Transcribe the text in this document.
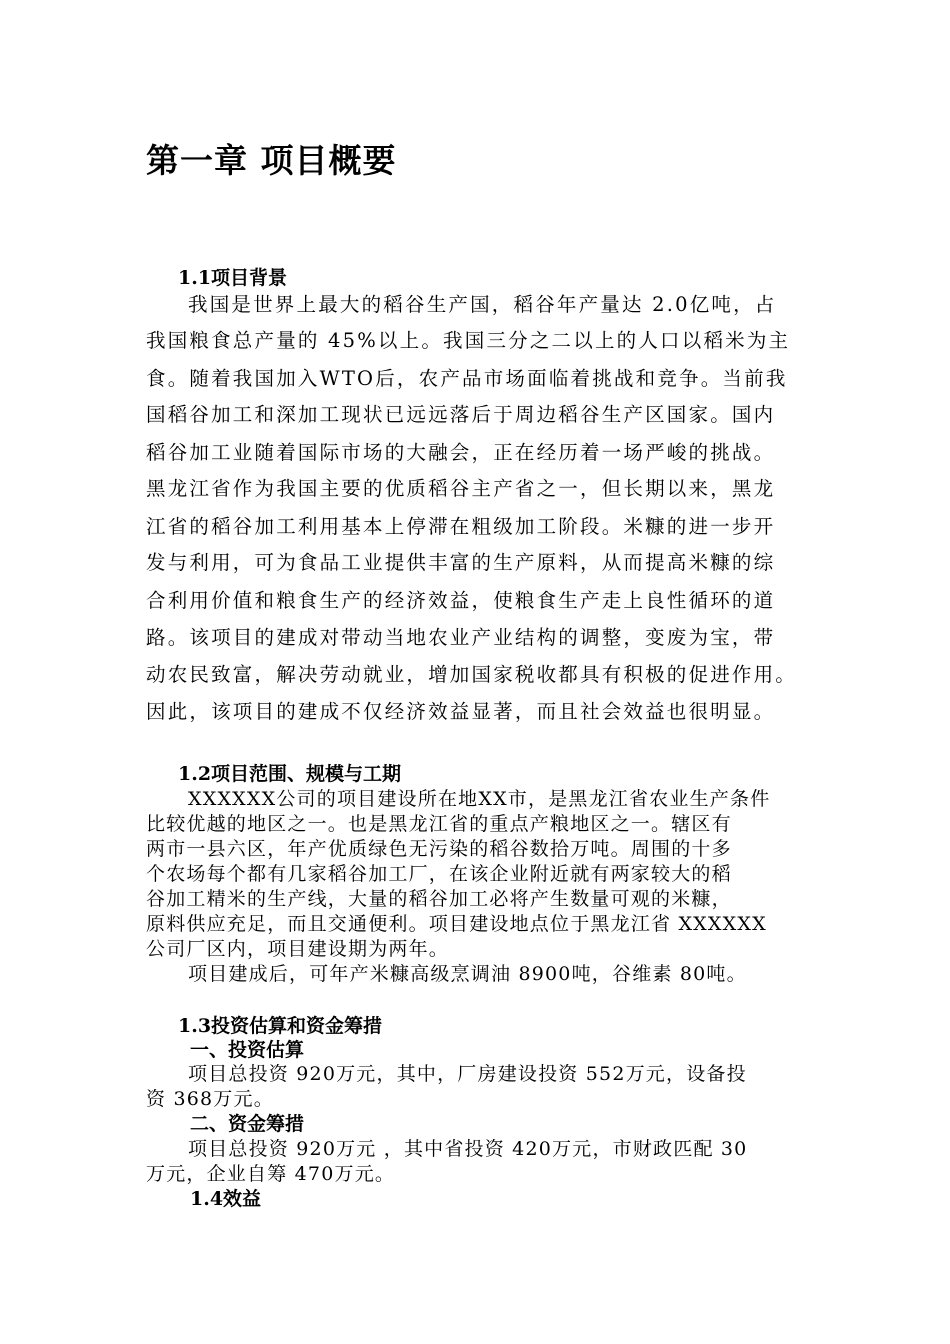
第一章 项目概要
1.1项目背景
我国是世界上最大的稻谷生产国，稻谷年产量达 2.0亿吨，占
我国粮食总产量的 45%以上。我国三分之二以上的人口以稻米为主
食。随着我国加入WTO后，农产品市场面临着挑战和竞争。当前我
国稻谷加工和深加工现状已远远落后于周边稻谷生产区国家。国内
稻谷加工业随着国际市场的大融会，正在经历着一场严峻的挑战。
黑龙江省作为我国主要的优质稻谷主产省之一，但长期以来，黑龙
江省的稻谷加工利用基本上停滞在粗级加工阶段。米糠的进一步开
发与利用，可为食品工业提供丰富的生产原料，从而提高米糠的综
合利用价值和粮食生产的经济效益，使粮食生产走上良性循环的道
路。该项目的建成对带动当地农业产业结构的调整，变废为宝，带
动农民致富，解决劳动就业，增加国家税收都具有积极的促进作用。
因此，该项目的建成不仅经济效益显著，而且社会效益也很明显。
1.2项目范围、规模与工期
XXXXXX公司的项目建设所在地XX市，是黑龙江省农业生产条件
比较优越的地区之一。也是黑龙江省的重点产粮地区之一。辖区有
两市一县六区，年产优质绿色无污染的稻谷数拾万吨。周围的十多
个农场每个都有几家稻谷加工厂，在该企业附近就有两家较大的稻
谷加工精米的生产线，大量的稻谷加工必将产生数量可观的米糠，
原料供应充足，而且交通便利。项目建设地点位于黑龙江省 XXXXXX
公司厂区内，项目建设期为两年。
项目建成后，可年产米糠高级烹调油 8900吨，谷维素 80吨。
1.3投资估算和资金筹措
一、投资估算
项目总投资 920万元，其中，厂房建设投资 552万元，设备投
资 368万元。
二、资金筹措
项目总投资 920万元 ，其中省投资 420万元，市财政匹配 30
万元，企业自筹 470万元。
1.4效益
